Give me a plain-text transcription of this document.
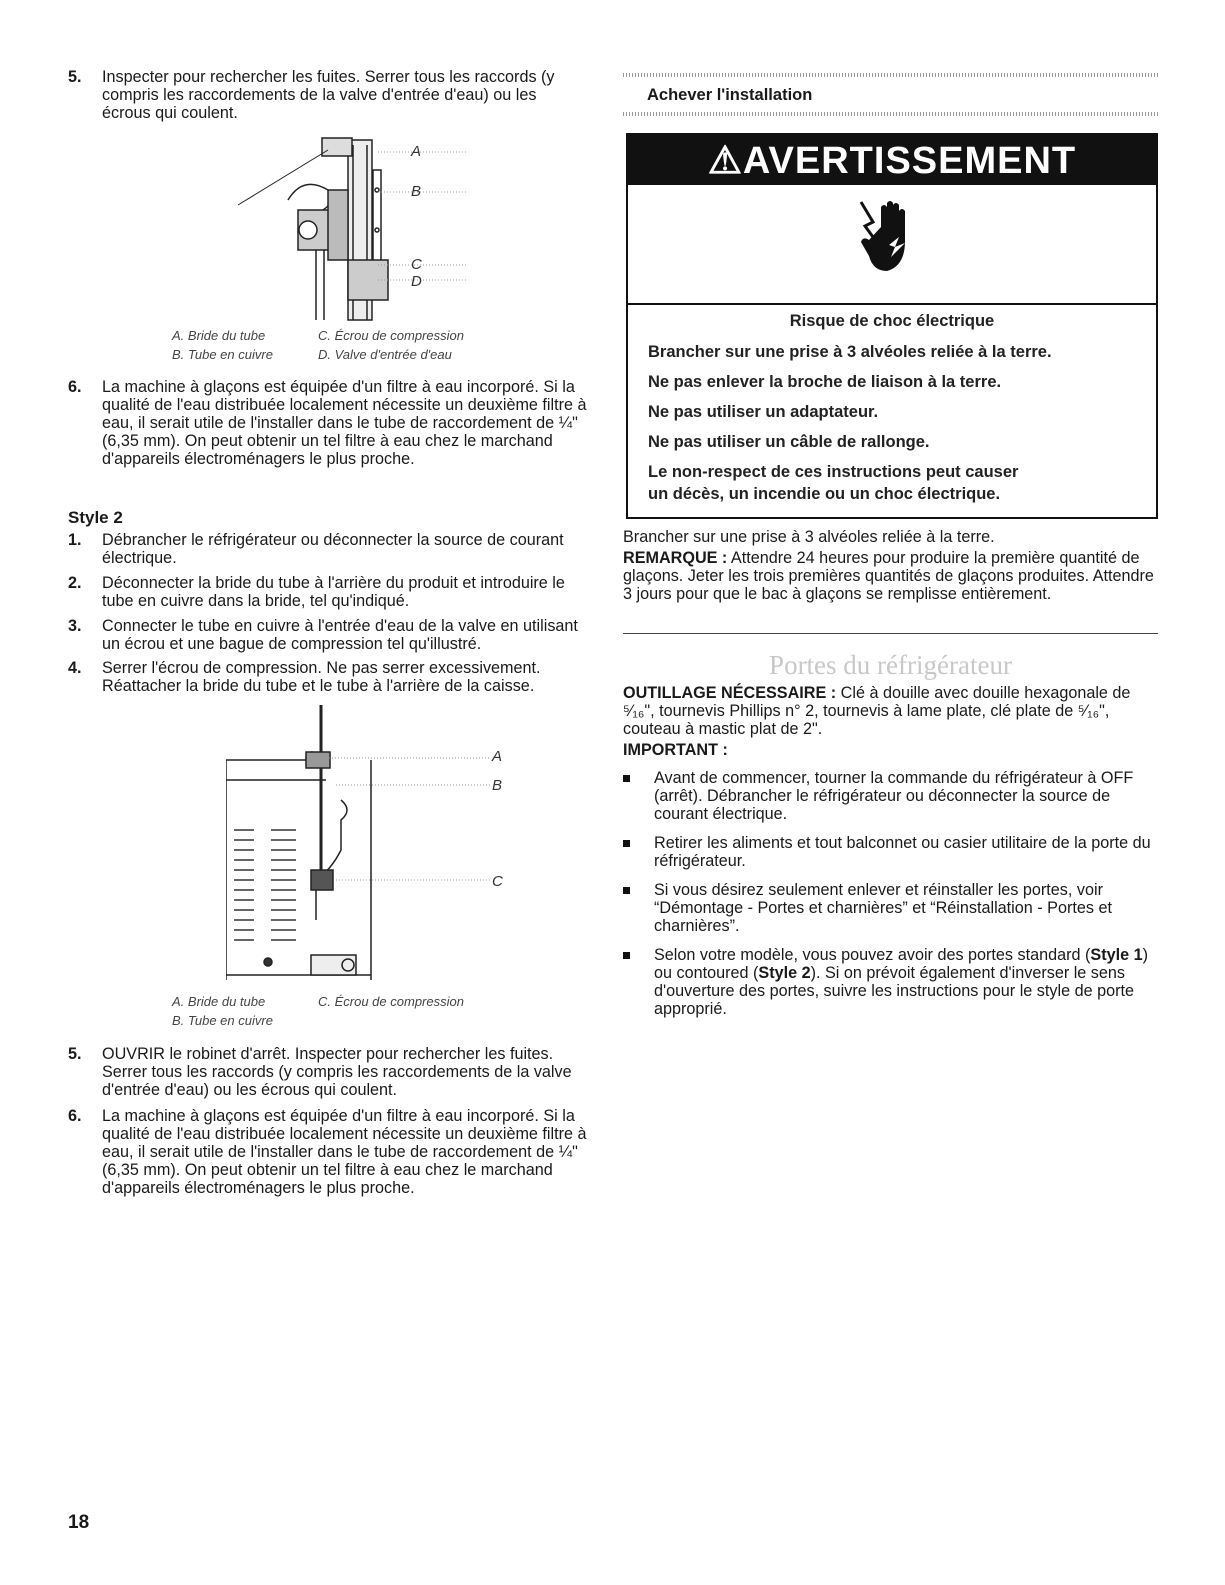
5. Inspecter pour rechercher les fuites. Serrer tous les raccords (y compris les raccordements de la valve d'entrée d'eau) ou les écrous qui coulent.

A
B
C
D
A. Bride du tube
B. Tube en cuivre
C. Écrou de compression
D. Valve d'entrée d'eau
6. La machine à glaçons est équipée d'un filtre à eau incorporé. Si la qualité de l'eau distribuée localement nécessite un deuxième filtre à eau, il serait utile de l'installer dans le tube de raccordement de ¼" (6,35 mm). On peut obtenir un tel filtre à eau chez le marchand d'appareils électroménagers le plus proche.

Style 2
1. Débrancher le réfrigérateur ou déconnecter la source de courant électrique.

2. Déconnecter la bride du tube à l'arrière du produit et introduire le tube en cuivre dans la bride, tel qu'indiqué.

3. Connecter le tube en cuivre à l'entrée d'eau de la valve en utilisant un écrou et une bague de compression tel qu'illustré.

4. Serrer l'écrou de compression. Ne pas serrer excessivement. Réattacher la bride du tube et le tube à l'arrière de la caisse.

A
B
C
A. Bride du tube
B. Tube en cuivre
C. Écrou de compression
5. OUVRIR le robinet d'arrêt. Inspecter pour rechercher les fuites. Serrer tous les raccords (y compris les raccordements de la valve d'entrée d'eau) ou les écrous qui coulent.

6. La machine à glaçons est équipée d'un filtre à eau incorporé. Si la qualité de l'eau distribuée localement nécessite un deuxième filtre à eau, il serait utile de l'installer dans le tube de raccordement de ¼" (6,35 mm). On peut obtenir un tel filtre à eau chez le marchand d'appareils électroménagers le plus proche.

18
Achever l'installation
⚠AVERTISSEMENT
Risque de choc électrique
Brancher sur une prise à 3 alvéoles reliée à la terre.
Ne pas enlever la broche de liaison à la terre.
Ne pas utiliser un adaptateur.
Ne pas utiliser un câble de rallonge.
Le non-respect de ces instructions peut causer
un décès, un incendie ou un choc électrique.
Brancher sur une prise à 3 alvéoles reliée à la terre.

REMARQUE : Attendre 24 heures pour produire la première quantité de glaçons. Jeter les trois premières quantités de glaçons produites. Attendre 3 jours pour que le bac à glaçons se remplisse entièrement.

Portes du réfrigérateur

OUTILLAGE NÉCESSAIRE : Clé à douille avec douille hexagonale de ⁵⁄₁₆", tournevis Phillips n° 2, tournevis à lame plate, clé plate de ⁵⁄₁₆", couteau à mastic plat de 2".

IMPORTANT :

Avant de commencer, tourner la commande du réfrigérateur à OFF (arrêt). Débrancher le réfrigérateur ou déconnecter la source de courant électrique.

Retirer les aliments et tout balconnet ou casier utilitaire de la porte du réfrigérateur.

Si vous désirez seulement enlever et réinstaller les portes, voir “Démontage - Portes et charnières” et “Réinstallation - Portes et charnières”.

Selon votre modèle, vous pouvez avoir des portes standard (Style 1) ou contoured (Style 2). Si on prévoit également d'inverser le sens d'ouverture des portes, suivre les instructions pour le style de porte approprié.
